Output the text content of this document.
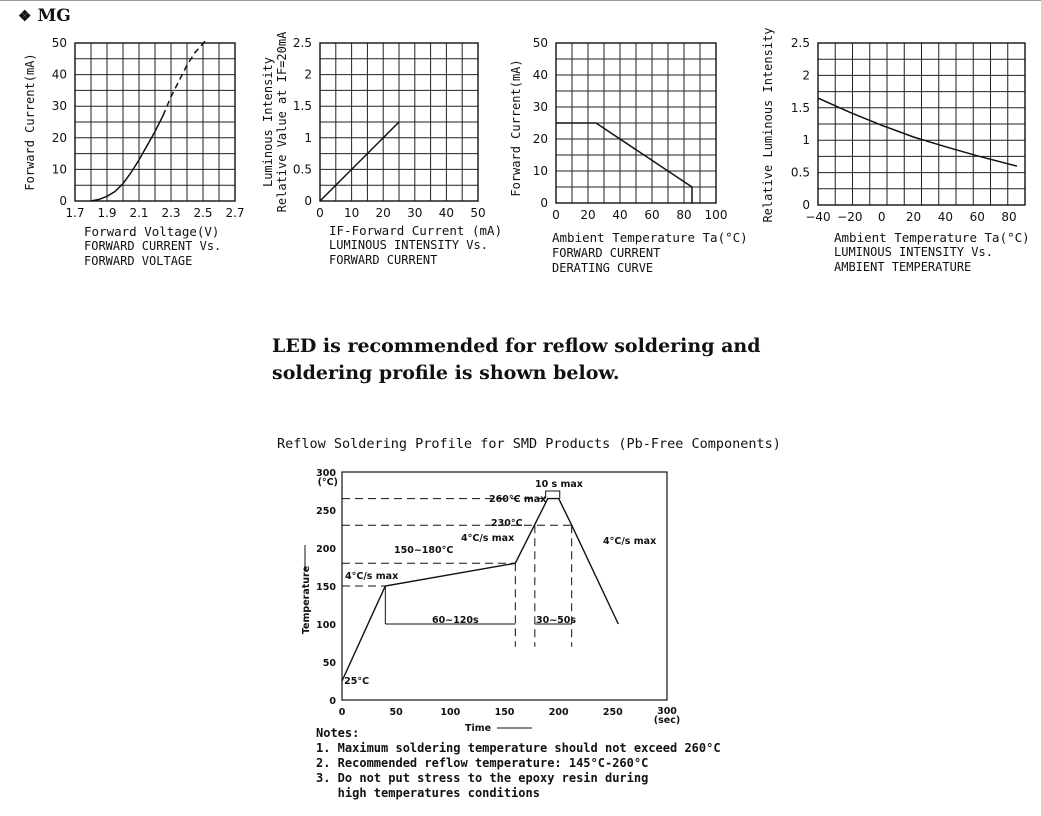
❖ MG
1.7 1.9 2.1 2.3 2.5 2.7
0
10
20
30
40
50
Forward Current(mA)
0 10 20 30 40 50
0
0.5
1
1.5
2
2.5
Luminous Intensity Relative Value at IF=20mA
0 20 40 60 80 100
0
10
20
30
40
50
Forward Current(mA)
−40 −20 0 20 40 60 80
0
0.5
1
1.5
2
2.5
Relative Luminous Intensity
0	50	100	150	200	250	300
(sec)
0
50
100
150
200
250
300
(°C)
Temperature
Time
25°C
4°C/s max
150~180°C
60~120s
4°C/s max
260°C max
230°C
10 s max
30~50s
4°C/s max
Forward Voltage(V)
FORWARD CURRENT Vs.
FORWARD VOLTAGE
IF-Forward Current (mA)
LUMINOUS INTENSITY Vs.
FORWARD CURRENT
Ambient Temperature Ta(°C)
FORWARD CURRENT
DERATING CURVE
Ambient Temperature Ta(°C)
LUMINOUS INTENSITY Vs.
AMBIENT TEMPERATURE
LED is recommended for reflow soldering and
soldering profile is shown below.
Reflow Soldering Profile for SMD Products (Pb-Free Components)
Notes:
1. Maximum soldering temperature should not exceed 260°C
2. Recommended reflow temperature: 145°C-260°C
3. Do not put stress to the epoxy resin during
high temperatures conditions
